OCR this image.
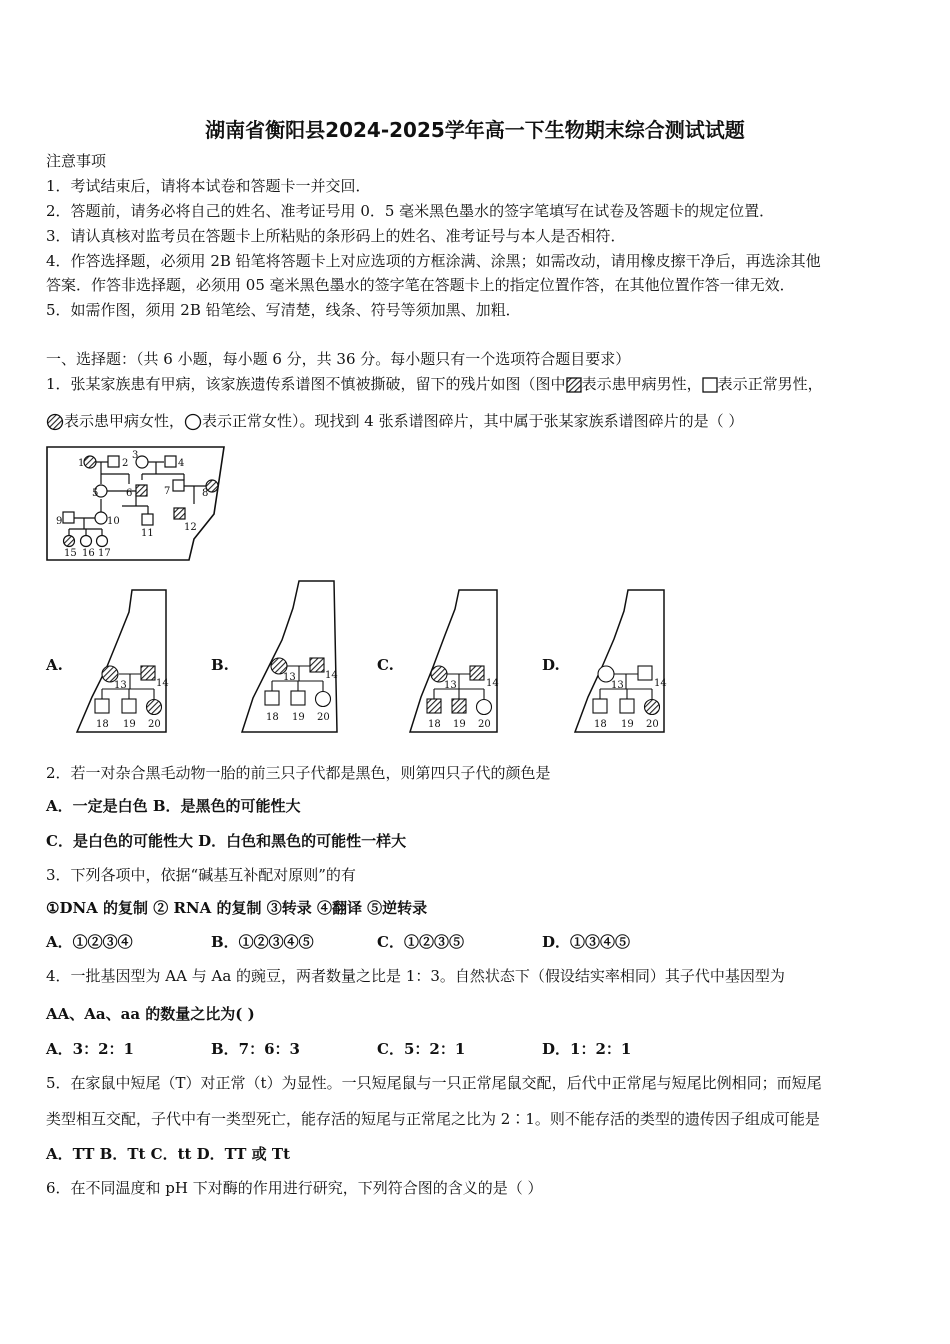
湖南省衡阳县2024-2025学年高一下生物期末综合测试试题
注意事项
1．考试结束后，请将本试卷和答题卡一并交回．
2．答题前，请务必将自己的姓名、准考证号用 0．5 毫米黑色墨水的签字笔填写在试卷及答题卡的规定位置．
3．请认真核对监考员在答题卡上所粘贴的条形码上的姓名、准考证号与本人是否相符．
4．作答选择题，必须用 2B 铅笔将答题卡上对应选项的方框涂满、涂黑；如需改动，请用橡皮擦干净后，再选涂其他
答案．作答非选择题，必须用 05 毫米黑色墨水的签字笔在答题卡上的指定位置作答，在其他位置作答一律无效．
5．如需作图，须用 2B 铅笔绘、写清楚，线条、符号等须加黑、加粗．
一、选择题：（共 6 小题，每小题 6 分，共 36 分。每小题只有一个选项符合题目要求）
1．张某家族患有甲病，该家族遗传系谱图不慎被撕破，留下的残片如图（图中 表示患甲病男性， 表示正常男性，
表示患甲病女性， 表示正常女性）。现找到 4 张系谱图碎片，其中属于张某家族系谱图碎片的是（ ）
1	2
3
4
5	6	7	8
9	10
11
12
15 16 17
A.
13	14
18 19 20
B.
13	14
18 19 20
C.
13	14
18 19 20
D.
13	14
18 19 20
2．若一对杂合黑毛动物一胎的前三只子代都是黑色，则第四只子代的颜色是
A．一定是白色 B．是黑色的可能性大
C．是白色的可能性大 D．白色和黑色的可能性一样大
3．下列各项中，依据“碱基互补配对原则”的有
①DNA 的复制 ② RNA 的复制 ③转录 ④翻译 ⑤逆转录
A．①②③④	B．①②③④⑤	C．①②③⑤	D．①③④⑤
4．一批基因型为 AA 与 Aa 的豌豆，两者数量之比是 1：3。自然状态下（假设结实率相同）其子代中基因型为
AA、Aa、aa 的数量之比为( )
A．3：2：1	B．7：6：3	C．5：2：1	D．1：2：1
5．在家鼠中短尾（T）对正常（t）为显性。一只短尾鼠与一只正常尾鼠交配，后代中正常尾与短尾比例相同；而短尾
类型相互交配，子代中有一类型死亡，能存活的短尾与正常尾之比为 2∶1。则不能存活的类型的遗传因子组成可能是
A．TT B．Tt C．tt D．TT 或 Tt
6．在不同温度和 pH 下对酶的作用进行研究，下列符合图的含义的是（ ）
